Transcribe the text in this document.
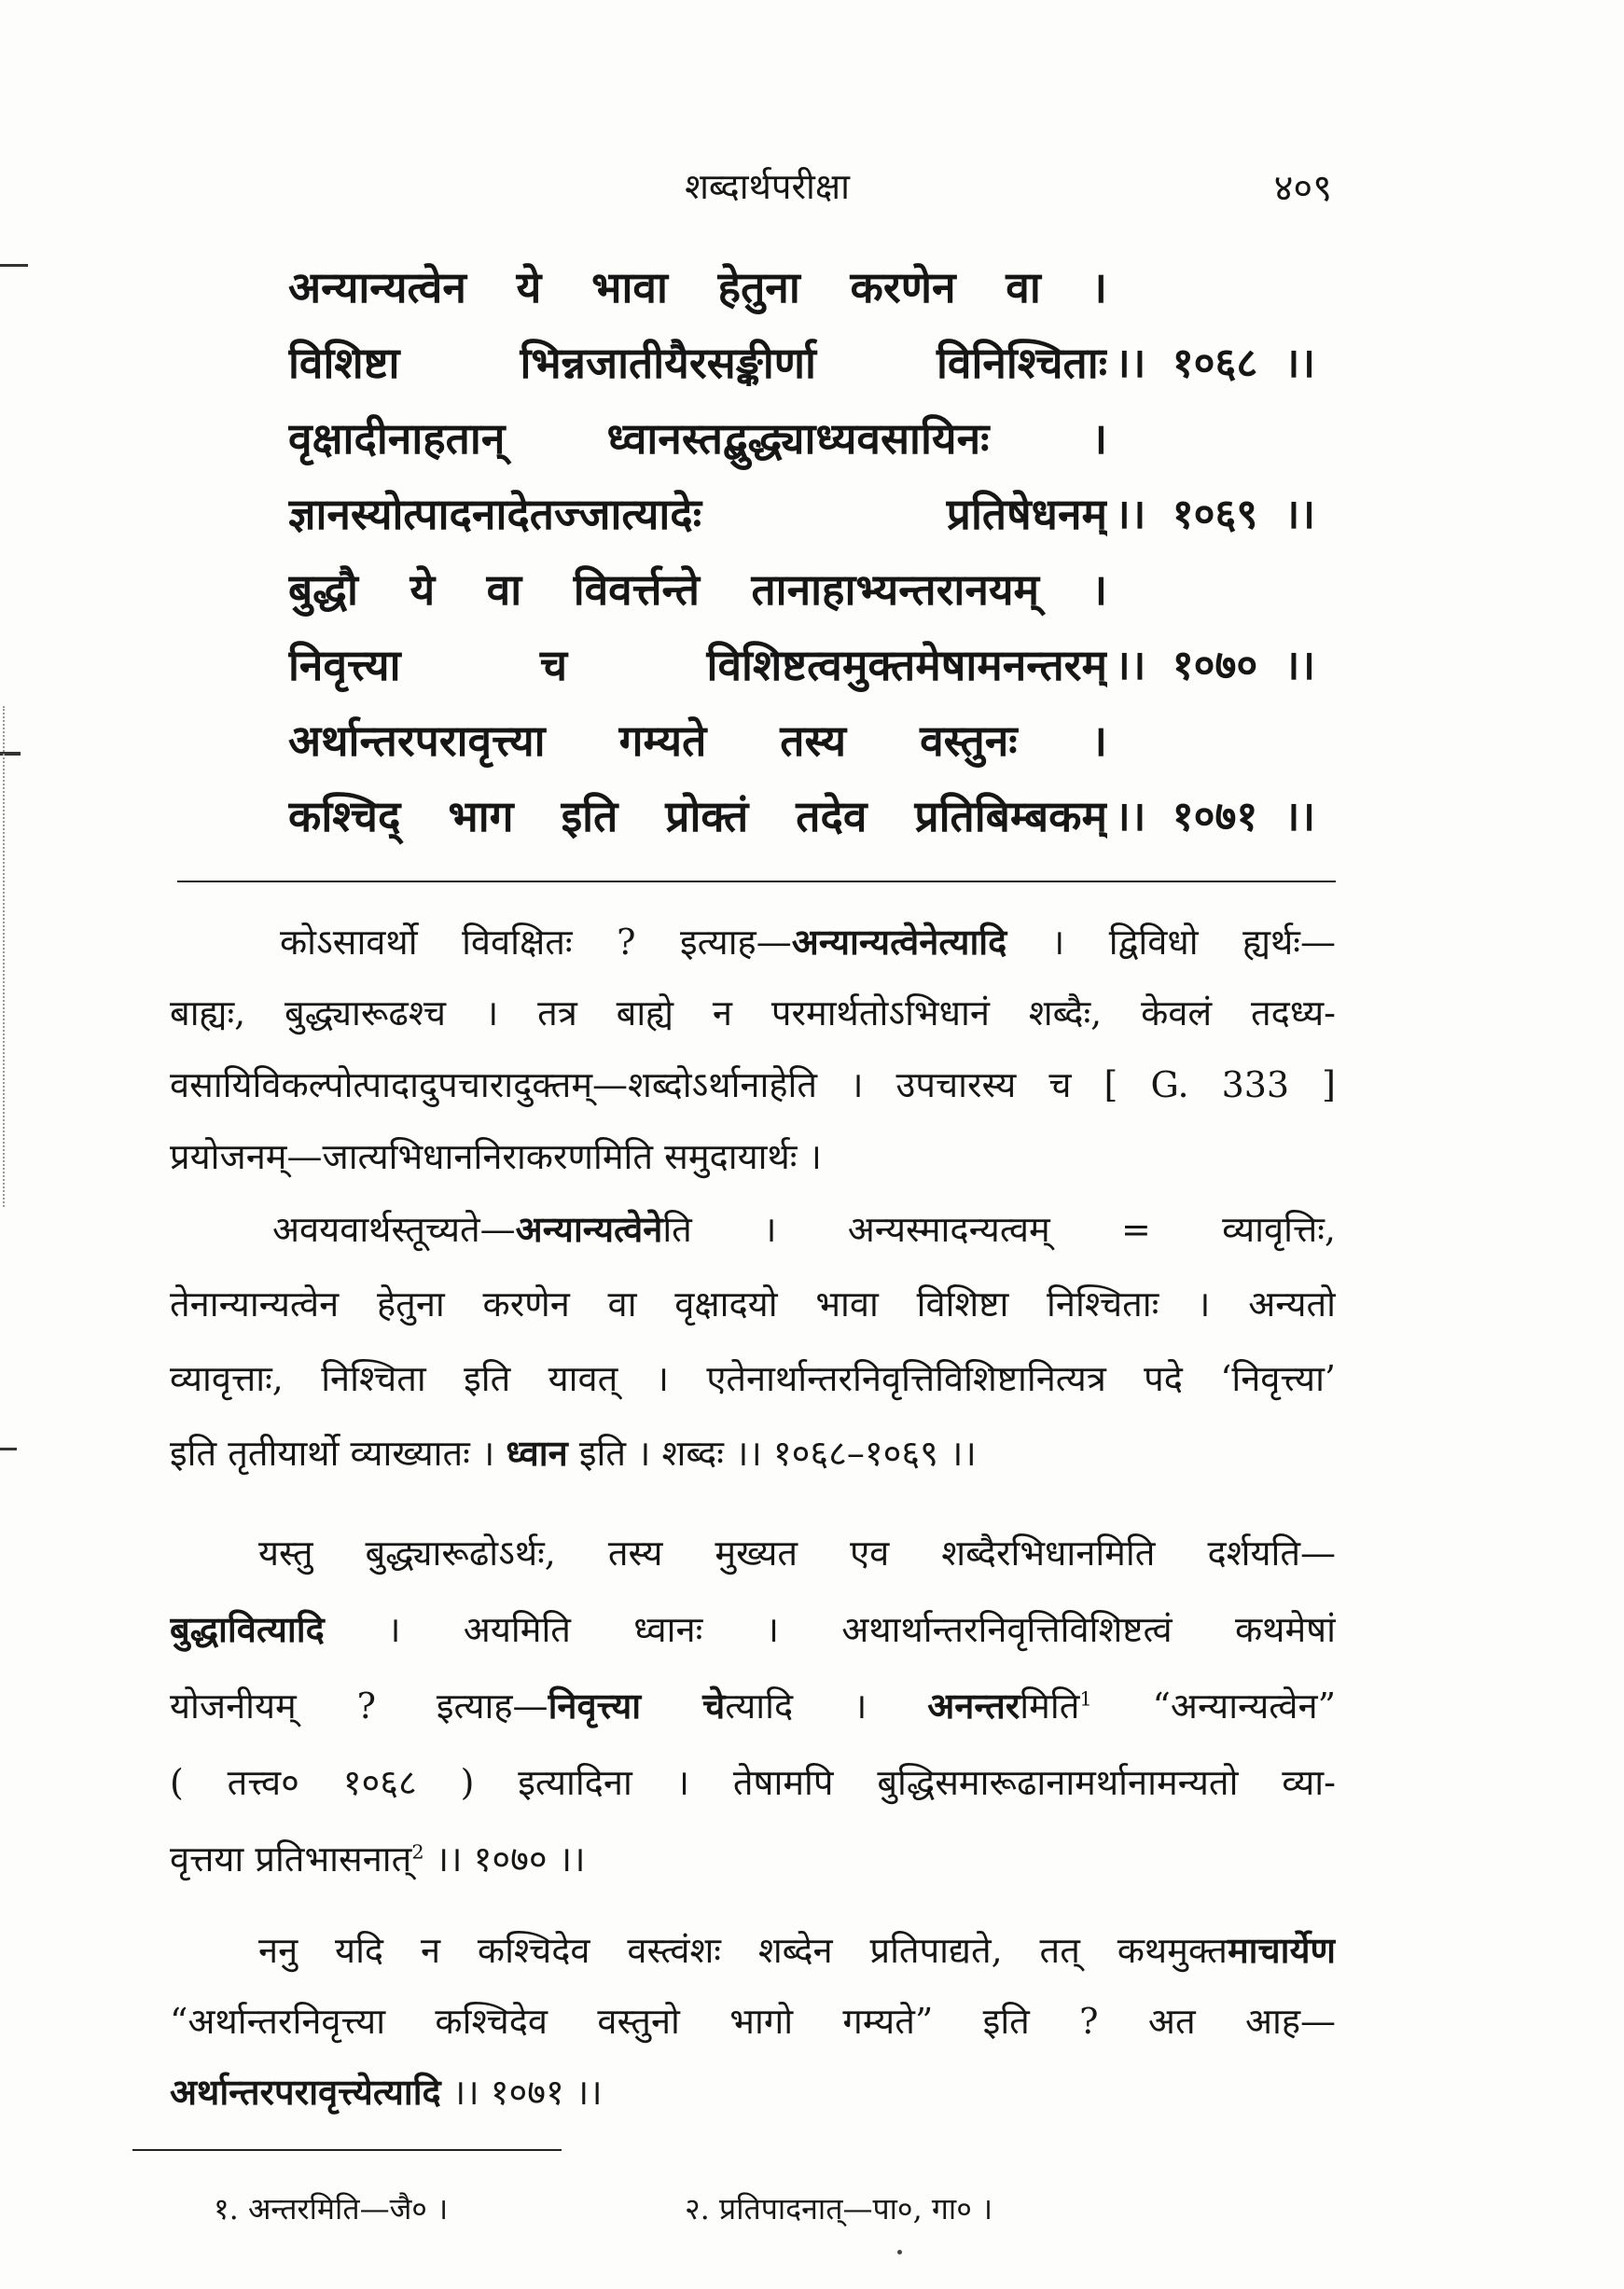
शब्दार्थपरीक्षा	४०९
अन्यान्यत्वेन ये भावा हेतुना करणेन वा ।
विशिष्टा भिन्नजातीयैरसङ्कीर्णा विनिश्चिताः ।। १०६८ ।।
वृक्षादीनाहतान् ध्वानस्तद्बुद्ध्याध्यवसायिनः ।
ज्ञानस्योत्पादनादेतज्जात्यादेः प्रतिषेधनम् ।। १०६९ ।।
बुद्धौ ये वा विवर्त्तन्ते तानाहाभ्यन्तरानयम् ।
निवृत्त्या च विशिष्टत्वमुक्तमेषामनन्तरम् ।। १०७० ।।
अर्थान्तरपरावृत्त्या गम्यते तस्य वस्तुनः ।
कश्चिद् भाग इति प्रोक्तं तदेव प्रतिबिम्बकम् ।। १०७१ ।।
कोऽसावर्थो विवक्षितः ? इत्याह—अन्यान्यत्वेनेत्यादि । द्विविधो ह्यर्थः—
बाह्यः, बुद्ध्यारूढश्च । तत्र बाह्ये न परमार्थतोऽभिधानं शब्दैः, केवलं तदध्य-
वसायिविकल्पोत्पादादुपचारादुक्तम्—शब्दोऽर्थानाहेति । उपचारस्य च [ G. 333 ]
प्रयोजनम्—जात्यभिधाननिराकरणमिति समुदायार्थः ।
अवयवार्थस्तूच्यते—अन्यान्यत्वेनेति । अन्यस्मादन्यत्वम् = व्यावृत्तिः,
तेनान्यान्यत्वेन हेतुना करणेन वा वृक्षादयो भावा विशिष्टा निश्चिताः । अन्यतो
व्यावृत्ताः, निश्चिता इति यावत् । एतेनार्थान्तरनिवृत्तिविशिष्टानित्यत्र पदे ‘निवृत्त्या’
इति तृतीयार्थो व्याख्यातः । ध्वान इति । शब्दः ।। १०६८–१०६९ ।।
यस्तु बुद्ध्यारूढोऽर्थः, तस्य मुख्यत एव शब्दैरभिधानमिति दर्शयति—
बुद्धावित्यादि । अयमिति ध्वानः । अथार्थान्तरनिवृत्तिविशिष्टत्वं कथमेषां
योजनीयम् ? इत्याह—निवृत्त्या चेत्यादि । अनन्तरमिति$^1$ “अन्यान्यत्वेन”
( तत्त्व० १०६८ ) इत्यादिना । तेषामपि बुद्धिसमारूढानामर्थानामन्यतो व्या-
वृत्तया प्रतिभासनात्$^2$ ।। १०७० ।।
ननु यदि न कश्चिदेव वस्त्वंशः शब्देन प्रतिपाद्यते, तत् कथमुक्तमाचार्येण
“अर्थान्तरनिवृत्त्या कश्चिदेव वस्तुनो भागो गम्यते” इति ? अत आह—
अर्थान्तरपरावृत्त्येत्यादि ।। १०७१ ।।
१. अन्तरमिति—जै० ।	२. प्रतिपादनात्—पा०, गा० ।
